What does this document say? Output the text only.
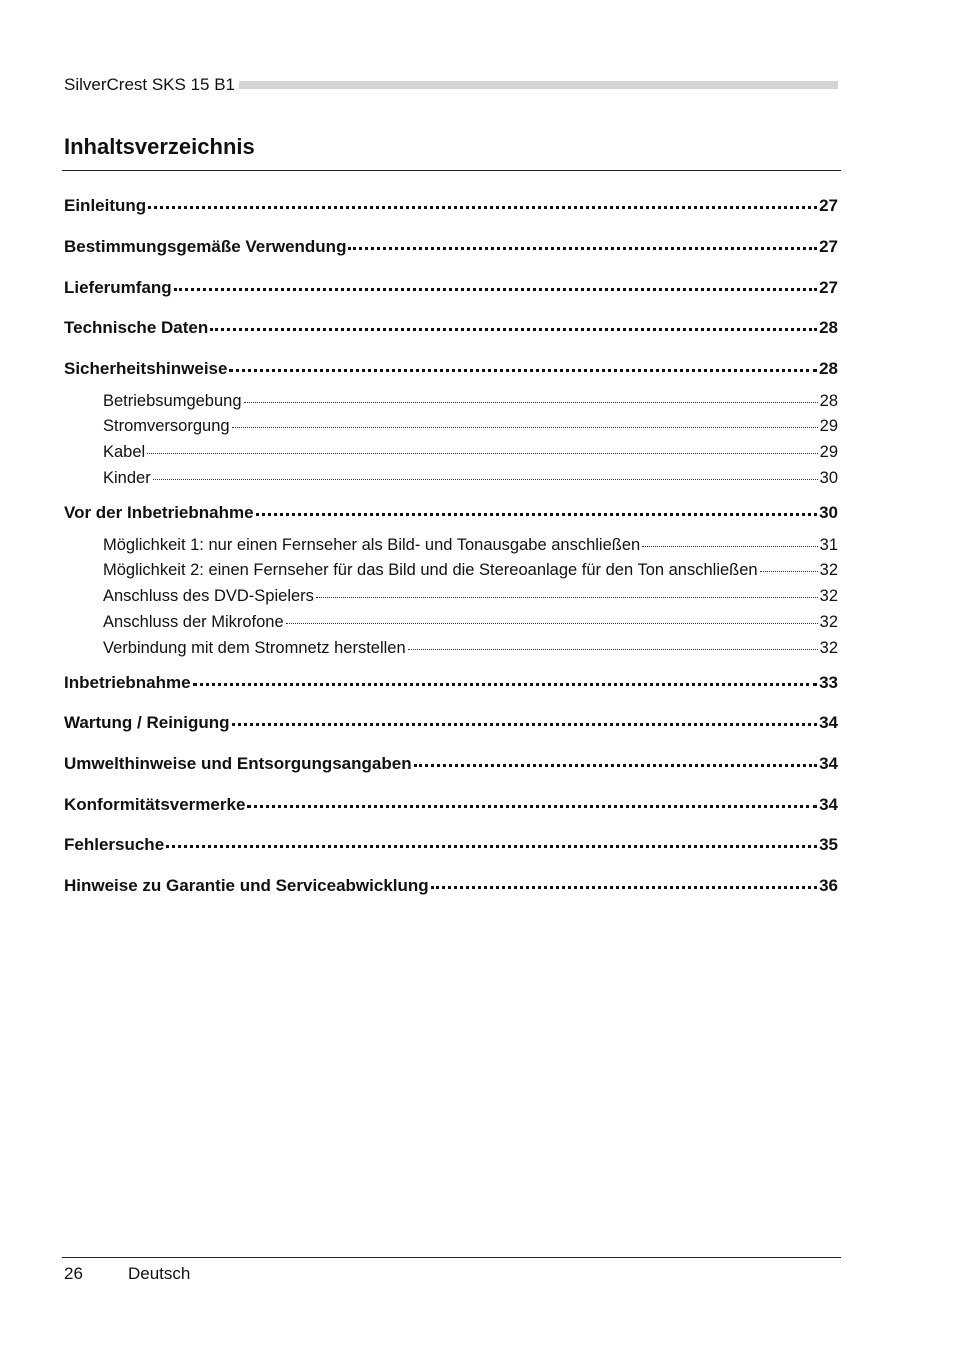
SilverCrest SKS 15 B1
Inhaltsverzeichnis
Einleitung	27
Bestimmungsgemäße Verwendung	27
Lieferumfang	27
Technische Daten	28
Sicherheitshinweise	28
Betriebsumgebung	28
Stromversorgung	29
Kabel	29
Kinder	30
Vor der Inbetriebnahme	30
Möglichkeit 1: nur einen Fernseher als Bild- und Tonausgabe anschließen	31
Möglichkeit 2: einen Fernseher für das Bild und die Stereoanlage für den Ton anschließen	32
Anschluss des DVD-Spielers	32
Anschluss der Mikrofone	32
Verbindung mit dem Stromnetz herstellen	32
Inbetriebnahme	33
Wartung / Reinigung	34
Umwelthinweise und Entsorgungsangaben	34
Konformitätsvermerke	34
Fehlersuche	35
Hinweise zu Garantie und Serviceabwicklung	36
26	Deutsch
